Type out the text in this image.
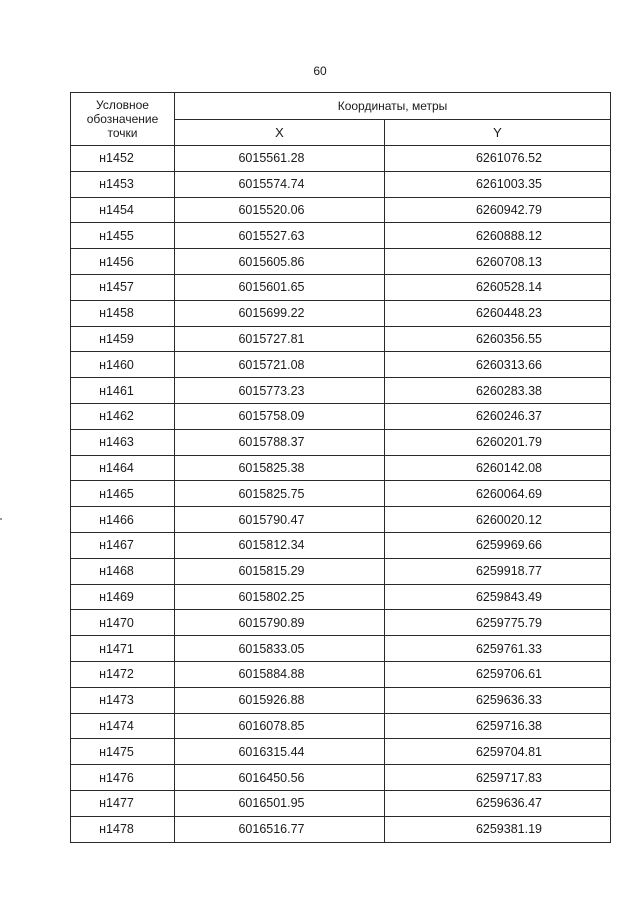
60
Условное обозначение точки	Координаты, метры	
	X	Y
н1452	6015561.28	6261076.52
н1453	6015574.74	6261003.35
н1454	6015520.06	6260942.79
н1455	6015527.63	6260888.12
н1456	6015605.86	6260708.13
н1457	6015601.65	6260528.14
н1458	6015699.22	6260448.23
н1459	6015727.81	6260356.55
н1460	6015721.08	6260313.66
н1461	6015773.23	6260283.38
н1462	6015758.09	6260246.37
н1463	6015788.37	6260201.79
н1464	6015825.38	6260142.08
н1465	6015825.75	6260064.69
н1466	6015790.47	6260020.12
н1467	6015812.34	6259969.66
н1468	6015815.29	6259918.77
н1469	6015802.25	6259843.49
н1470	6015790.89	6259775.79
н1471	6015833.05	6259761.33
н1472	6015884.88	6259706.61
н1473	6015926.88	6259636.33
н1474	6016078.85	6259716.38
н1475	6016315.44	6259704.81
н1476	6016450.56	6259717.83
н1477	6016501.95	6259636.47
н1478	6016516.77	6259381.19
